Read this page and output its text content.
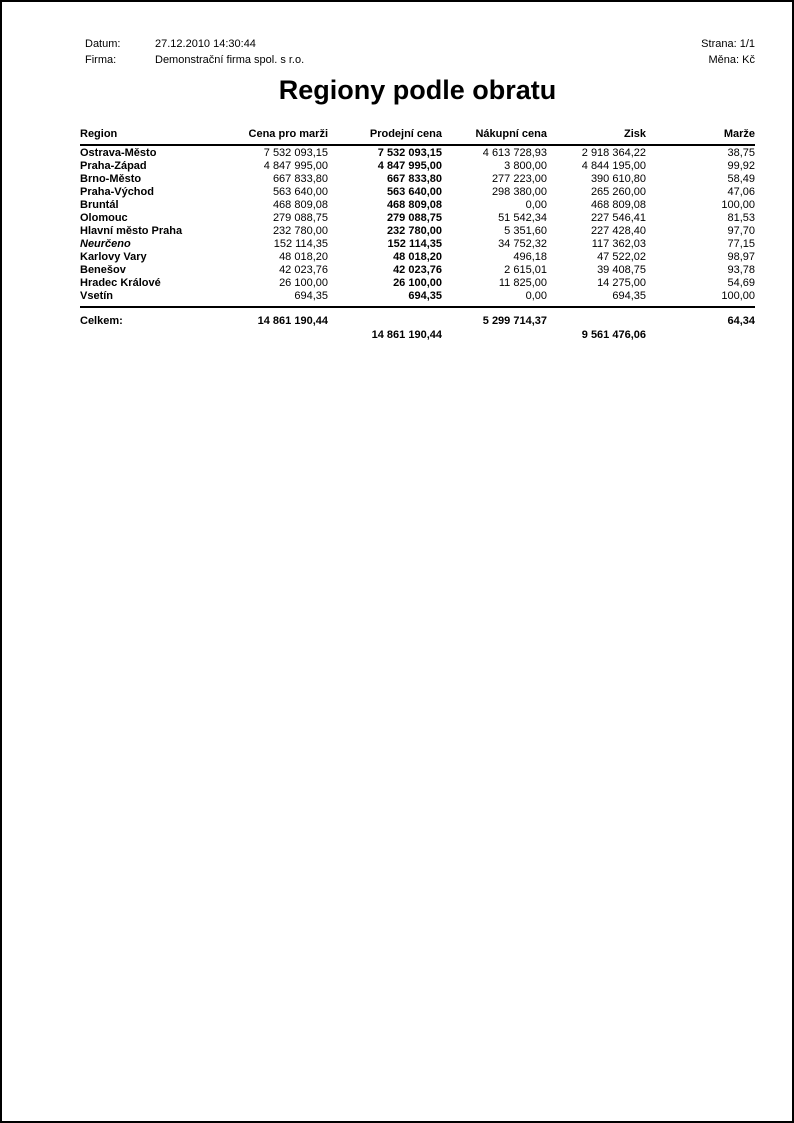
Datum:	27.12.2010 14:30:44
Firma:	Demonstrační firma spol. s r.o.
Strana: 1/1
Měna: Kč
Regiony podle obratu
Region	Cena pro marži	Prodejní cena	Nákupní cena	Zisk	Marže
Ostrava-Město	7 532 093,15	7 532 093,15	4 613 728,93	2 918 364,22	38,75
Praha-Západ	4 847 995,00	4 847 995,00	3 800,00	4 844 195,00	99,92
Brno-Město	667 833,80	667 833,80	277 223,00	390 610,80	58,49
Praha-Východ	563 640,00	563 640,00	298 380,00	265 260,00	47,06
Bruntál	468 809,08	468 809,08	0,00	468 809,08	100,00
Olomouc	279 088,75	279 088,75	51 542,34	227 546,41	81,53
Hlavní město Praha	232 780,00	232 780,00	5 351,60	227 428,40	97,70
Neurčeno	152 114,35	152 114,35	34 752,32	117 362,03	77,15
Karlovy Vary	48 018,20	48 018,20	496,18	47 522,02	98,97
Benešov	42 023,76	42 023,76	2 615,01	39 408,75	93,78
Hradec Králové	26 100,00	26 100,00	11 825,00	14 275,00	54,69
Vsetín	694,35	694,35	0,00	694,35	100,00
Celkem:	14 861 190,44		5 299 714,37		64,34
		14 861 190,44		9 561 476,06	
